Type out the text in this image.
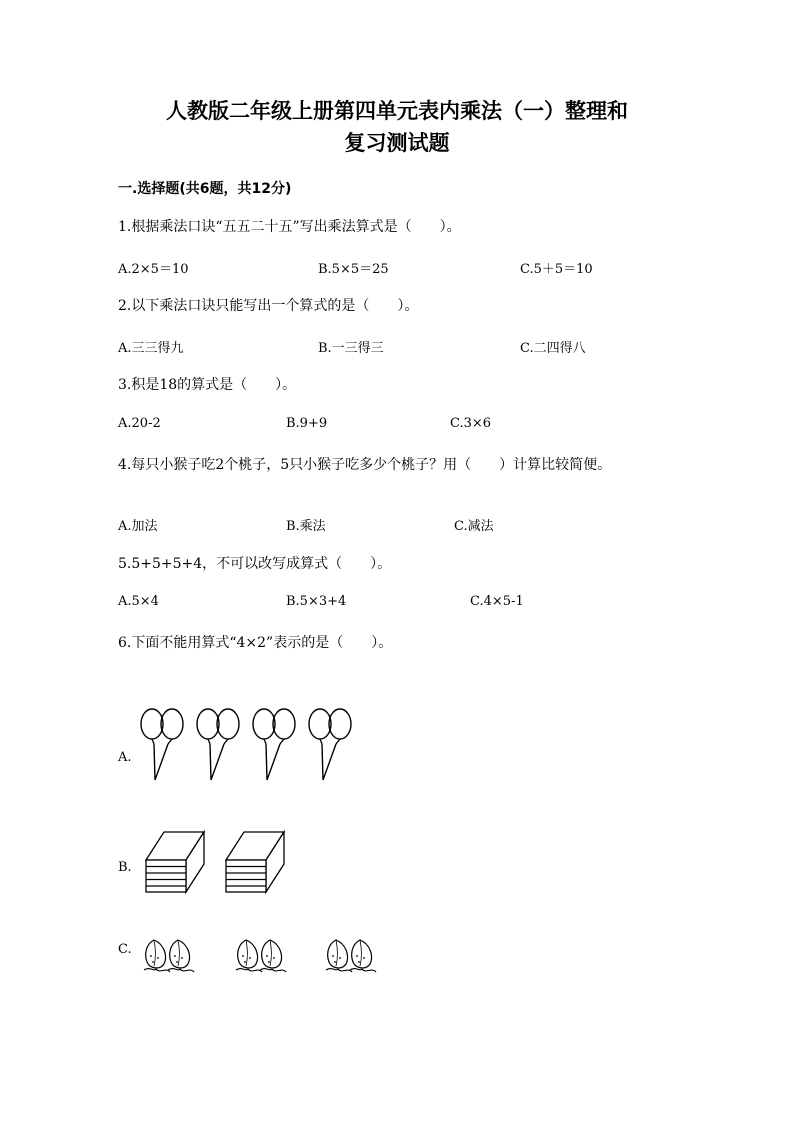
人教版二年级上册第四单元表内乘法（一）整理和
复习测试题
一.选择题(共6题，共12分)
1.根据乘法口诀“五五二十五”写出乘法算式是（　　）。
A.2×5＝10	B.5×5＝25	C.5＋5＝10
2.以下乘法口诀只能写出一个算式的是（　　）。
A.三三得九	B.一三得三	C.二四得八
3.积是18的算式是（　　）。
A.20-2	B.9+9	C.3×6
4.每只小猴子吃2个桃子，5只小猴子吃多少个桃子？用（　　）计算比较简便。
A.加法	B.乘法	C.减法
5.5+5+5+4，不可以改写成算式（　　）。
A.5×4	B.5×3+4	C.4×5-1
6.下面不能用算式“4×2”表示的是（　　）。
A.
B.
C.
